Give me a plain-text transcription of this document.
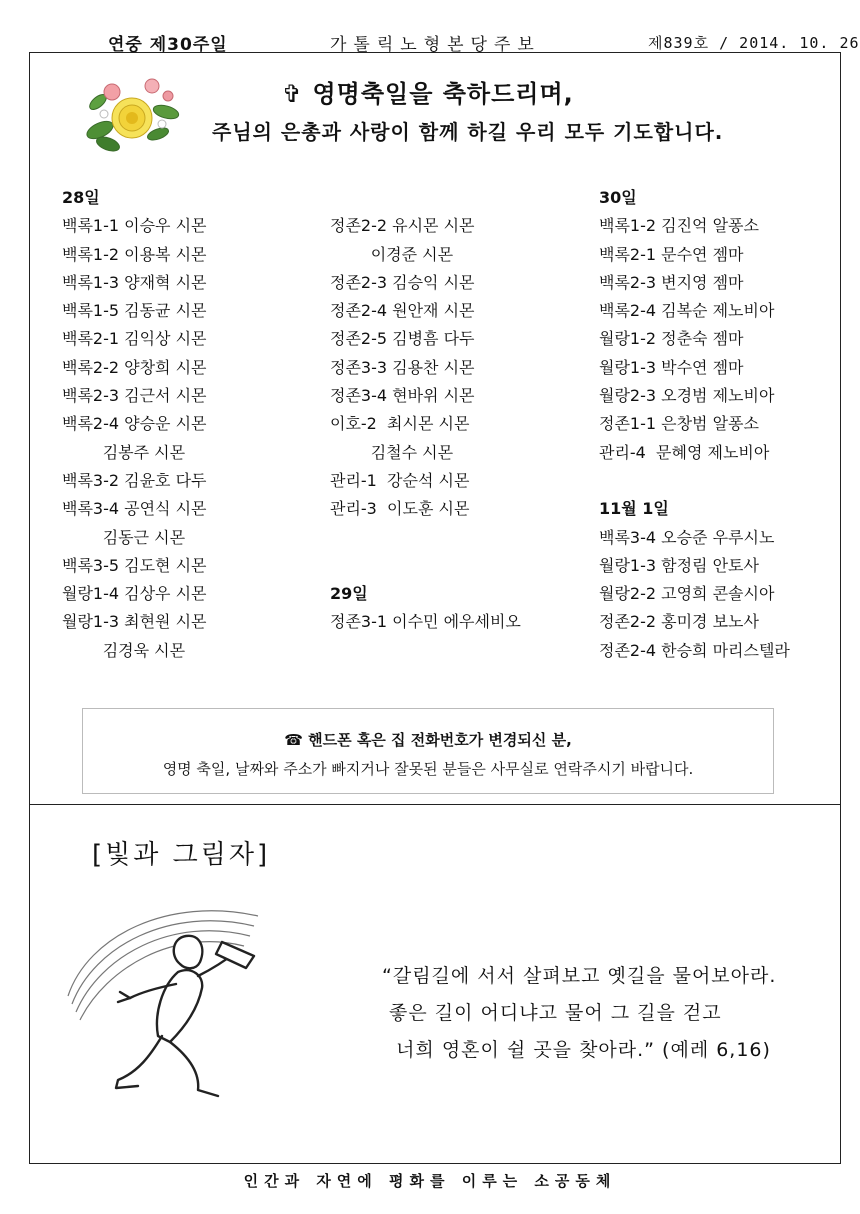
연중 제30주일	가톨릭노형본당주보	제839호 / 2014. 10. 26
✞ 영명축일을 축하드리며,
주님의 은총과 사랑이 함께 하길 우리 모두 기도합니다.
28일
백록1-1 이승우 시몬
백록1-2 이용복 시몬
백록1-3 양재혁 시몬
백록1-5 김동균 시몬
백록2-1 김익상 시몬
백록2-2 양창희 시몬
백록2-3 김근서 시몬
백록2-4 양승운 시몬
김봉주 시몬
백록3-2 김윤호 다두
백록3-4 공연식 시몬
김동근 시몬
백록3-5 김도현 시몬
월랑1-4 김상우 시몬
월랑1-3 최현원 시몬
김경욱 시몬
정존2-2 유시몬 시몬
이경준 시몬
정존2-3 김승익 시몬
정존2-4 원안재 시몬
정존2-5 김병흠 다두
정존3-3 김용찬 시몬
정존3-4 현바위 시몬
이호-2  최시몬 시몬
김철수 시몬
관리-1  강순석 시몬
관리-3  이도훈 시몬
29일
정존3-1 이수민 에우세비오
30일
백록1-2 김진억 알퐁소
백록2-1 문수연 젬마
백록2-3 변지영 젬마
백록2-4 김복순 제노비아
월랑1-2 정춘숙 젬마
월랑1-3 박수연 젬마
월랑2-3 오경범 제노비아
정존1-1 은창범 알퐁소
관리-4  문혜영 제노비아
11월 1일
백록3-4 오승준 우루시노
월랑1-3 함정림 안토사
월랑2-2 고영희 콘솔시아
정존2-2 홍미경 보노사
정존2-4 한승희 마리스텔라
☎ 핸드폰 혹은 집 전화번호가 변경되신 분,
영명 축일, 날짜와 주소가 빠지거나 잘못된 분들은 사무실로 연락주시기 바랍니다.
[빛과 그림자]
“갈림길에 서서 살펴보고 옛길을 물어보아라.
좋은 길이 어디냐고 물어 그 길을 걷고
너희 영혼이 쉴 곳을 찾아라.” (예레 6,16)
인간과 자연에 평화를 이루는 소공동체
